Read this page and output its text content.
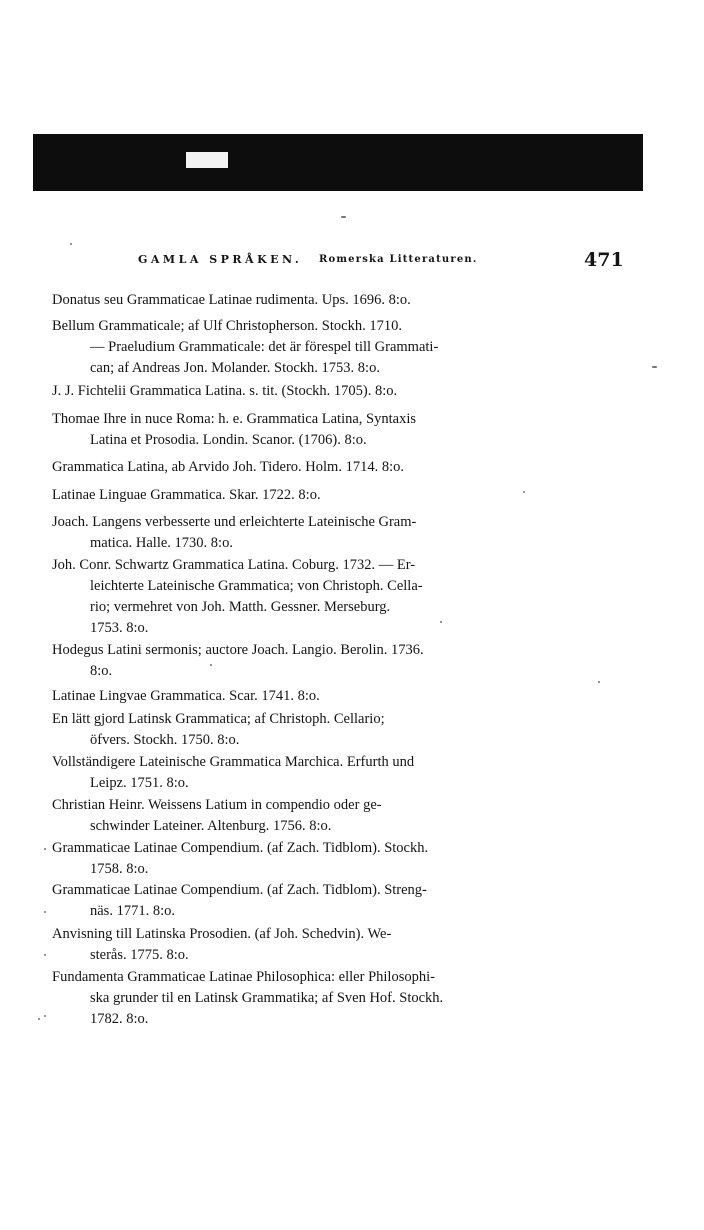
GAMLA SPRÅKEN. Romerska Litteraturen.	471
Donatus seu Grammaticae Latinae rudimenta. Ups. 1696. 8:o.
Bellum Grammaticale; af Ulf Christopherson. Stockh. 1710.
— Praeludium Grammaticale: det är förespel till Grammati-
can; af Andreas Jon. Molander. Stockh. 1753. 8:o.
J. J. Fichtelii Grammatica Latina. s. tit. (Stockh. 1705). 8:o.
Thomae Ihre in nuce Roma: h. e. Grammatica Latina, Syntaxis
Latina et Prosodia. Londin. Scanor. (1706). 8:o.
Grammatica Latina, ab Arvido Joh. Tidero. Holm. 1714. 8:o.
Latinae Linguae Grammatica. Skar. 1722. 8:o.
Joach. Langens verbesserte und erleichterte Lateinische Gram-
matica. Halle. 1730. 8:o.
Joh. Conr. Schwartz Grammatica Latina. Coburg. 1732. — Er-
leichterte Lateinische Grammatica; von Christoph. Cella-
rio; vermehret von Joh. Matth. Gessner. Merseburg.
1753. 8:o.
Hodegus Latini sermonis; auctore Joach. Langio. Berolin. 1736.
8:o.
Latinae Lingvae Grammatica. Scar. 1741. 8:o.
En lätt gjord Latinsk Grammatica; af Christoph. Cellario;
öfvers. Stockh. 1750. 8:o.
Vollständigere Lateinische Grammatica Marchica. Erfurth und
Leipz. 1751. 8:o.
Christian Heinr. Weissens Latium in compendio oder ge-
schwinder Lateiner. Altenburg. 1756. 8:o.
Grammaticae Latinae Compendium. (af Zach. Tidblom). Stockh.
1758. 8:o.
Grammaticae Latinae Compendium. (af Zach. Tidblom). Streng-
näs. 1771. 8:o.
Anvisning till Latinska Prosodien. (af Joh. Schedvin). We-
sterås. 1775. 8:o.
Fundamenta Grammaticae Latinae Philosophica: eller Philosophi-
ska grunder til en Latinsk Grammatika; af Sven Hof. Stockh.
1782. 8:o.
